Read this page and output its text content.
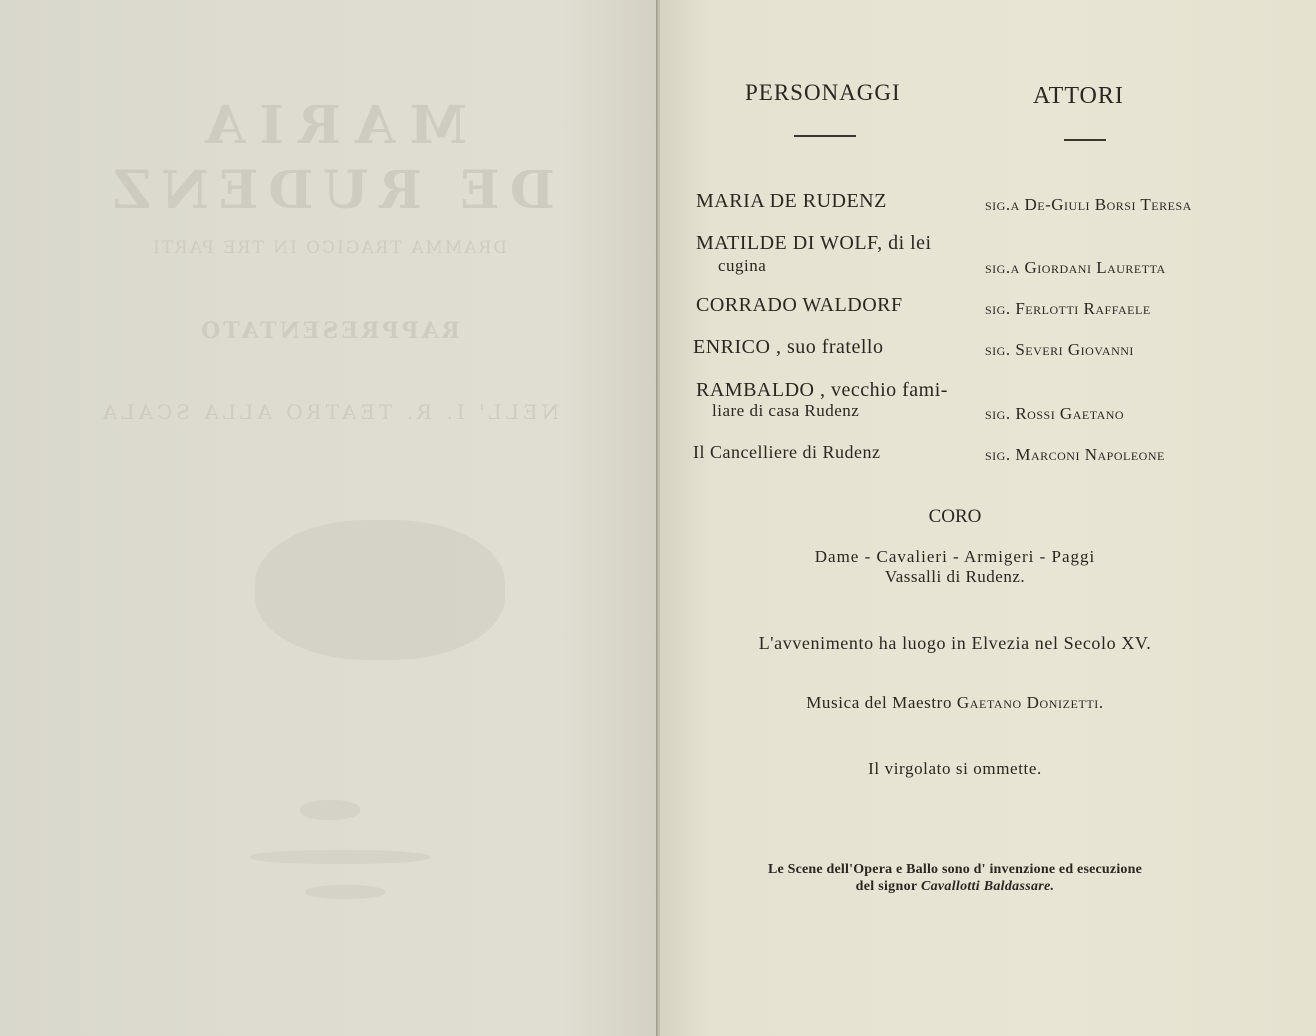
MARIA
DE RUDENZ
DRAMMA TRAGICO IN TRE PARTI
RAPPRESENTATO
NELL' I. R. TEATRO ALLA SCALA
PERSONAGGI	ATTORI
MARIA DE RUDENZ	sig.a De-Giuli Borsi Teresa
MATILDE DI WOLF, di lei
cugina	sig.a Giordani Lauretta
CORRADO WALDORF	sig. Ferlotti Raffaele
ENRICO , suo fratello	sig. Severi Giovanni
RAMBALDO , vecchio fami-
liare di casa Rudenz	sig. Rossi Gaetano
Il Cancelliere di Rudenz	sig. Marconi Napoleone
CORO
Dame - Cavalieri - Armigeri - Paggi
Vassalli di Rudenz.
L'avvenimento ha luogo in Elvezia nel Secolo XV.
Musica del Maestro Gaetano Donizetti.
Il virgolato si ommette.
Le Scene dell'Opera e Ballo sono d' invenzione ed esecuzione
del signor Cavallotti Baldassare.
